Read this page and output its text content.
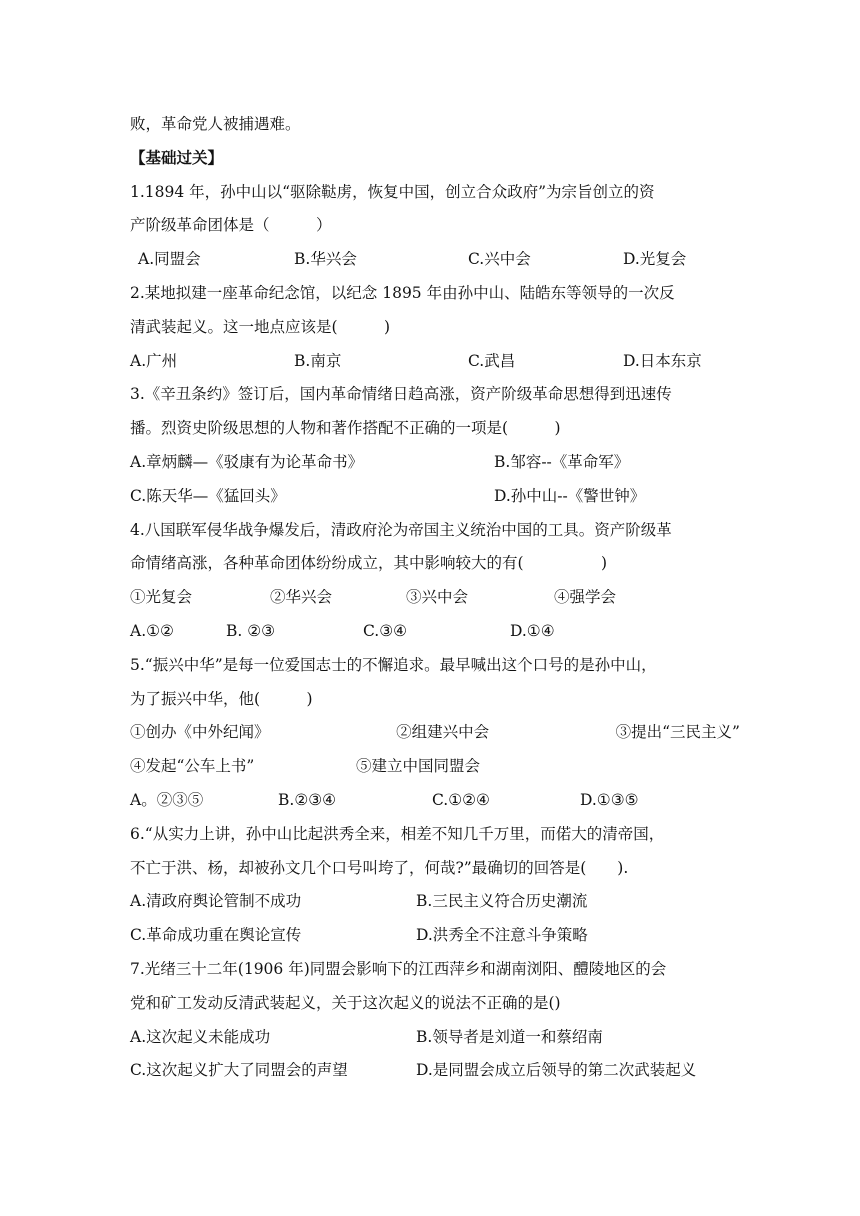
败，革命党人被捕遇难。
【基础过关】
1.1894 年，孙中山以“驱除鞑虏，恢复中国，创立合众政府”为宗旨创立的资
产阶级革命团体是（　　　）
A.同盟会	B.华兴会	C.兴中会	D.光复会
2.某地拟建一座革命纪念馆，以纪念 1895 年由孙中山、陆皓东等领导的一次反
清武装起义。这一地点应该是(　　　)
A.广州	B.南京	C.武昌	D.日本东京
3.《辛丑条约》签订后，国内革命情绪日趋高涨，资产阶级革命思想得到迅速传
播。烈资史阶级思想的人物和著作搭配不正确的一项是(　　　)
A.章炳麟—《驳康有为论革命书》	B.邹容--《革命军》
C.陈天华—《猛回头》	D.孙中山--《警世钟》
4.八国联军侵华战争爆发后，清政府沦为帝国主义统治中国的工具。资产阶级革
命情绪高涨，各种革命团体纷纷成立，其中影响较大的有(　　　　　)
①光复会	②华兴会	③兴中会	④强学会
A.①②	B. ②③	C.③④	D.①④
5.“振兴中华”是每一位爱国志士的不懈追求。最早喊出这个口号的是孙中山，
为了振兴中华，他(　　　)
①创办《中外纪闻》	②组建兴中会	③提出“三民主义”
④发起“公车上书”	⑤建立中国同盟会
A。②③⑤	B.②③④	C.①②④	D.①③⑤
6.“从实力上讲，孙中山比起洪秀全来，相差不知几千万里，而偌大的清帝国，
不亡于洪、杨，却被孙文几个口号叫垮了，何哉?”最确切的回答是(　　).
A.清政府舆论管制不成功	B.三民主义符合历史潮流
C.革命成功重在舆论宣传	D.洪秀全不注意斗争策略
7.光绪三十二年(1906 年)同盟会影响下的江西萍乡和湖南浏阳、醴陵地区的会
党和矿工发动反清武装起义，关于这次起义的说法不正确的是()
A.这次起义未能成功	B.领导者是刘道一和蔡绍南
C.这次起义扩大了同盟会的声望	D.是同盟会成立后领导的第二次武装起义
